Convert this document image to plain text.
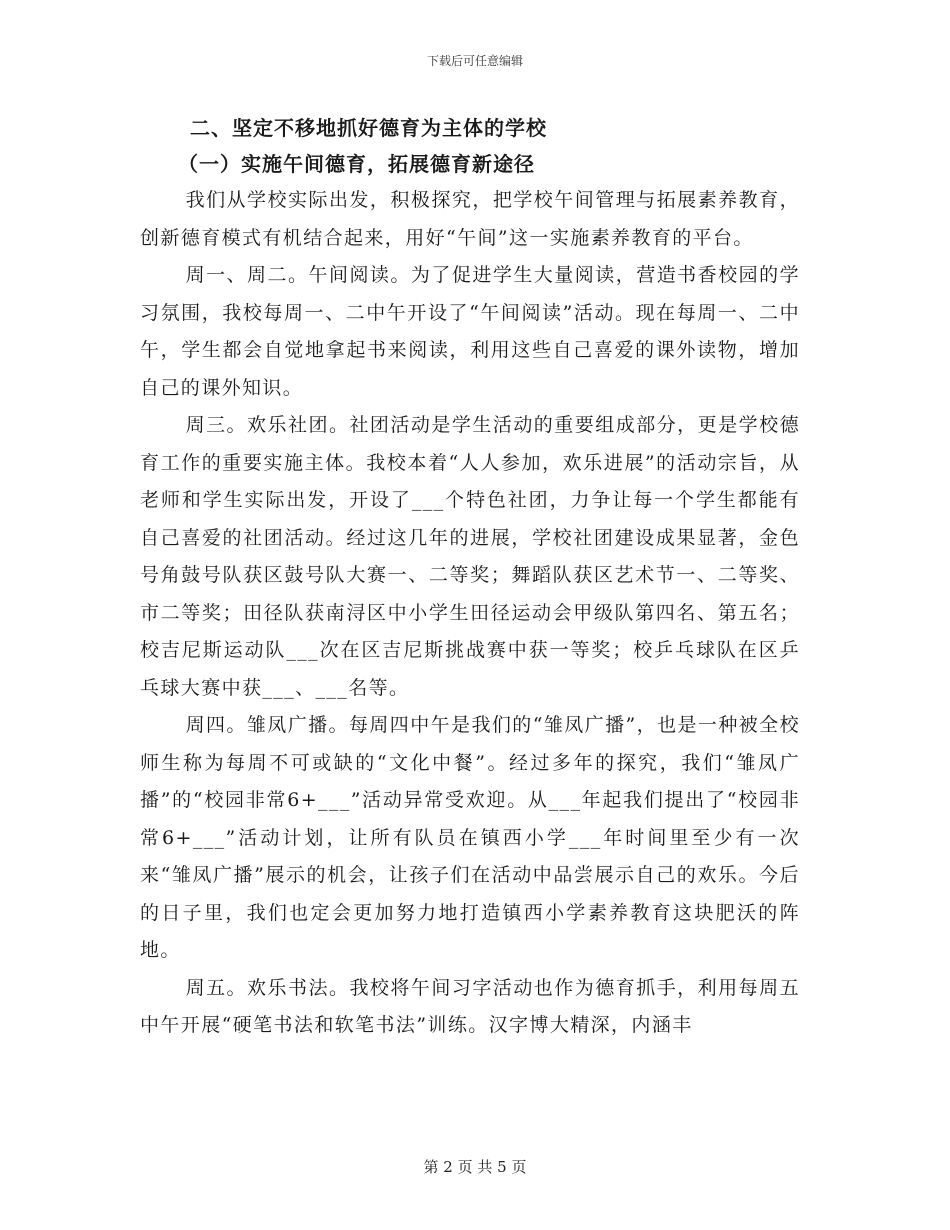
下载后可任意编辑

二、坚定不移地抓好德育为主体的学校

（一）实施午间德育，拓展德育新途径

我们从学校实际出发，积极探究，把学校午间管理与拓展素养教育，创新德育模式有机结合起来，用好“午间”这一实施素养教育的平台。

周一、周二。午间阅读。为了促进学生大量阅读，营造书香校园的学习氛围，我校每周一、二中午开设了“午间阅读”活动。现在每周一、二中午，学生都会自觉地拿起书来阅读，利用这些自己喜爱的课外读物，增加自己的课外知识。

周三。欢乐社团。社团活动是学生活动的重要组成部分，更是学校德育工作的重要实施主体。我校本着“人人参加，欢乐进展”的活动宗旨，从老师和学生实际出发，开设了___个特色社团，力争让每一个学生都能有自己喜爱的社团活动。经过这几年的进展，学校社团建设成果显著，金色号角鼓号队获区鼓号队大赛一、二等奖；舞蹈队获区艺术节一、二等奖、市二等奖；田径队获南浔区中小学生田径运动会甲级队第四名、第五名；校吉尼斯运动队___次在区吉尼斯挑战赛中获一等奖；校乒乓球队在区乒乓球大赛中获___、___名等。

周四。雏凤广播。每周四中午是我们的“雏凤广播”，也是一种被全校师生称为每周不可或缺的“文化中餐”。经过多年的探究，我们“雏凤广播”的“校园非常6+___”活动异常受欢迎。从___年起我们提出了“校园非常6+___”活动计划，让所有队员在镇西小学___年时间里至少有一次来“雏凤广播”展示的机会，让孩子们在活动中品尝展示自己的欢乐。今后的日子里，我们也定会更加努力地打造镇西小学素养教育这块肥沃的阵地。

周五。欢乐书法。我校将午间习字活动也作为德育抓手，利用每周五中午开展“硬笔书法和软笔书法”训练。汉字博大精深，内涵丰

第 2 页 共 5 页
